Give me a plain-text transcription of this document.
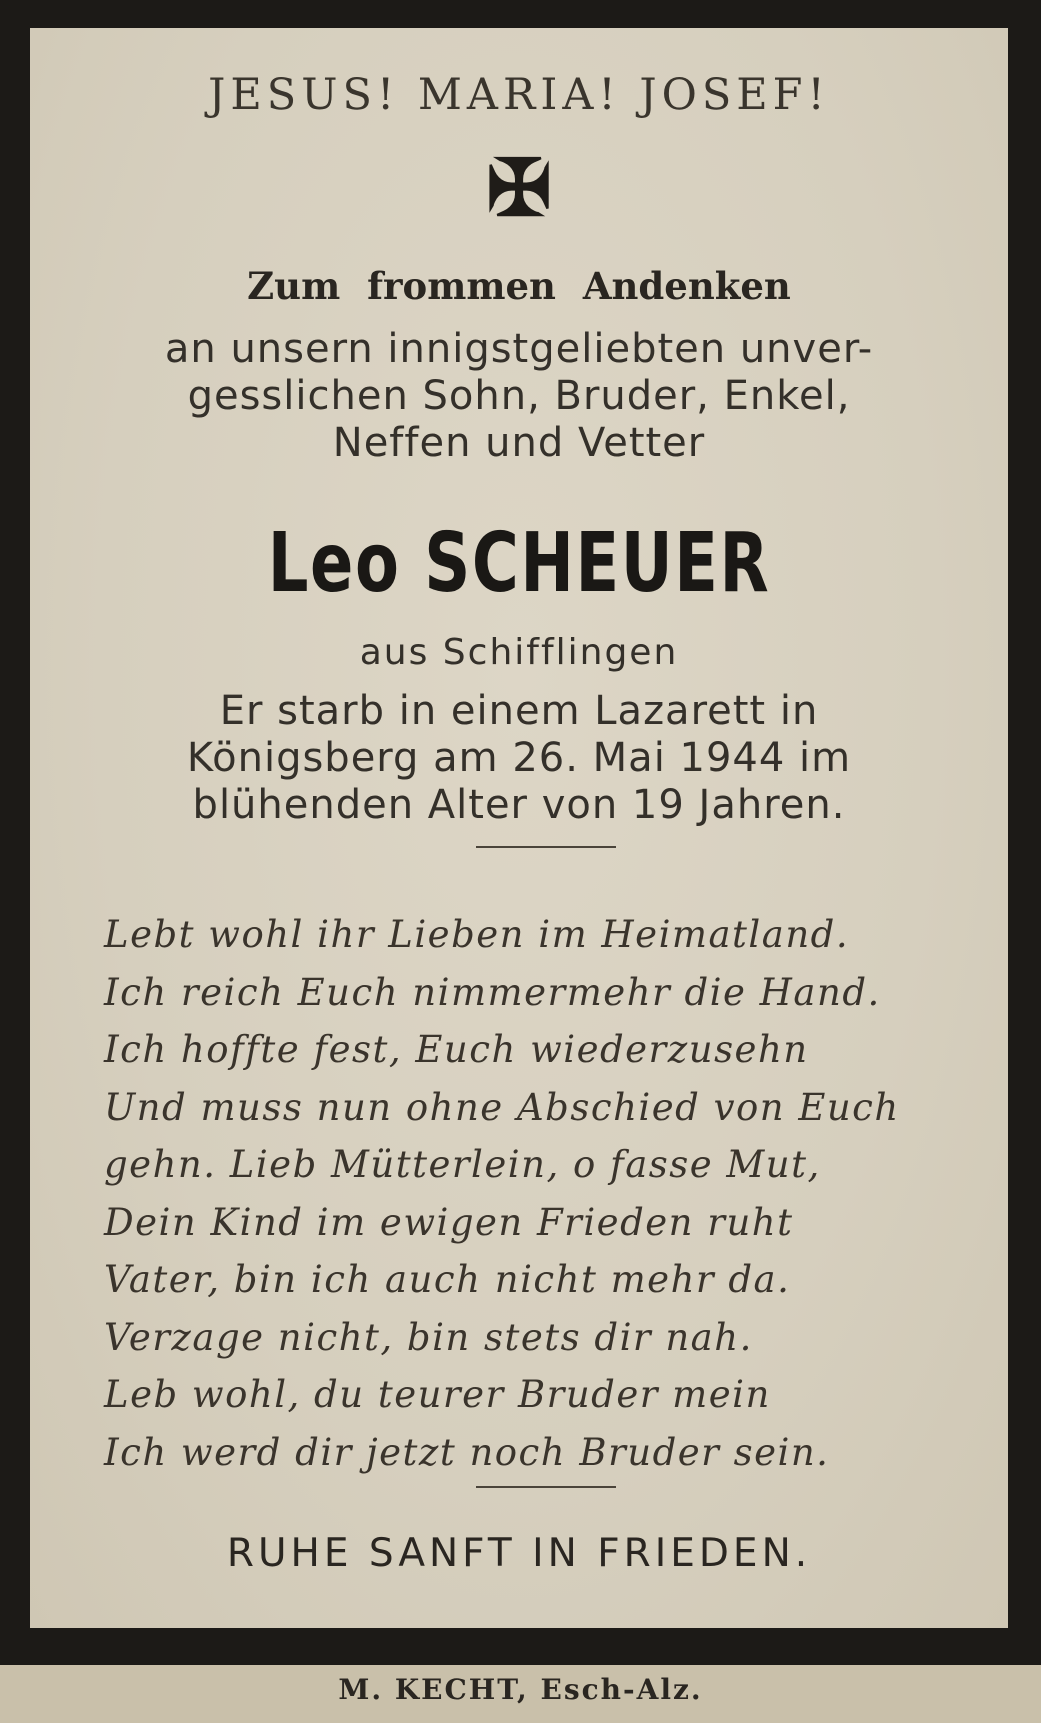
JESUS! MARIA! JOSEF!
✠
Zum frommen Andenken
an unsern innigstgeliebten unver-
gesslichen Sohn, Bruder, Enkel,
Neffen und Vetter
Leo SCHEUER
aus Schifflingen
Er starb in einem Lazarett in
Königsberg am 26. Mai 1944 im
blühenden Alter von 19 Jahren.
Lebt wohl ihr Lieben im Heimatland.
Ich reich Euch nimmermehr die Hand.
Ich hoffte fest, Euch wiederzusehn
Und muss nun ohne Abschied von Euch
gehn. Lieb Mütterlein, o fasse Mut,
Dein Kind im ewigen Frieden ruht
Vater, bin ich auch nicht mehr da.
Verzage nicht, bin stets dir nah.
Leb wohl, du teurer Bruder mein
Ich werd dir jetzt noch Bruder sein.
RUHE SANFT IN FRIEDEN.
M. KECHT, Esch-Alz.
